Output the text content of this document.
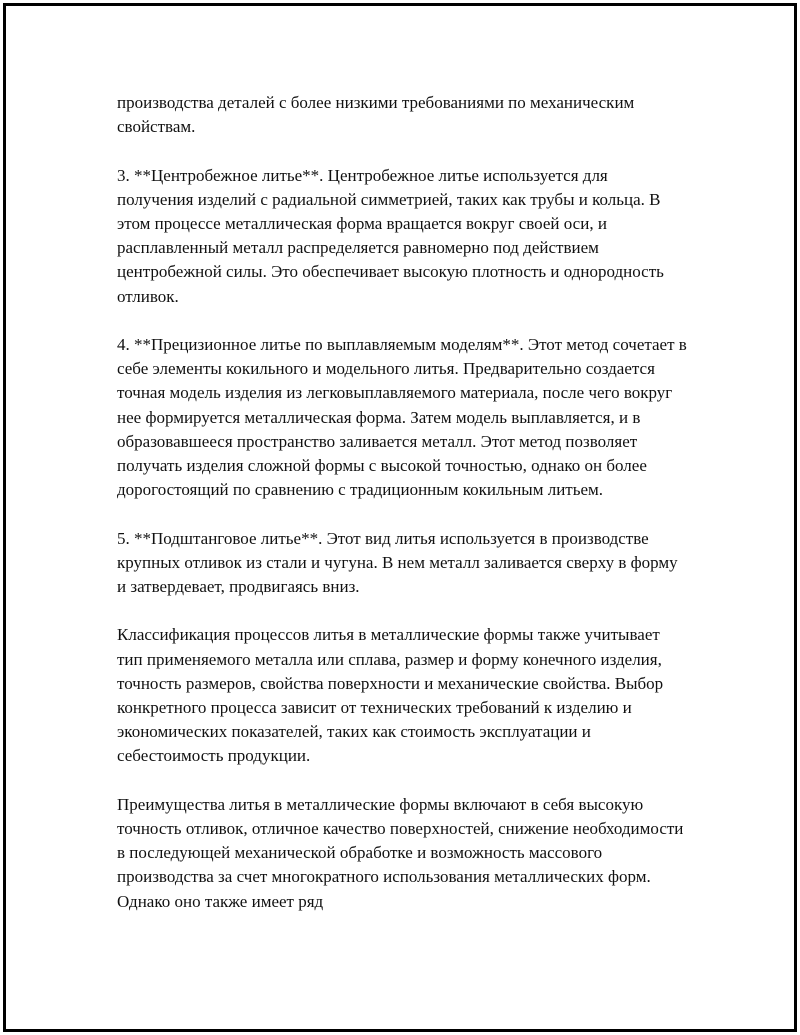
производства деталей с более низкими требованиями по механическим свойствам.

3. **Центробежное литье**. Центробежное литье используется для получения изделий с радиальной симметрией, таких как трубы и кольца. В этом процессе металлическая форма вращается вокруг своей оси, и расплавленный металл распределяется равномерно под действием центробежной силы. Это обеспечивает высокую плотность и однородность отливок.

4. **Прецизионное литье по выплавляемым моделям**. Этот метод сочетает в себе элементы кокильного и модельного литья. Предварительно создается точная модель изделия из легковыплавляемого материала, после чего вокруг нее формируется металлическая форма. Затем модель выплавляется, и в образовавшееся пространство заливается металл. Этот метод позволяет получать изделия сложной формы с высокой точностью, однако он более дорогостоящий по сравнению с традиционным кокильным литьем.

5. **Подштанговое литье**. Этот вид литья используется в производстве крупных отливок из стали и чугуна. В нем металл заливается сверху в форму и затвердевает, продвигаясь вниз.

Классификация процессов литья в металлические формы также учитывает тип применяемого металла или сплава, размер и форму конечного изделия, точность размеров, свойства поверхности и механические свойства. Выбор конкретного процесса зависит от технических требований к изделию и экономических показателей, таких как стоимость эксплуатации и себестоимость продукции.

Преимущества литья в металлические формы включают в себя высокую точность отливок, отличное качество поверхностей, снижение необходимости в последующей механической обработке и возможность массового производства за счет многократного использования металлических форм. Однако оно также имеет ряд
